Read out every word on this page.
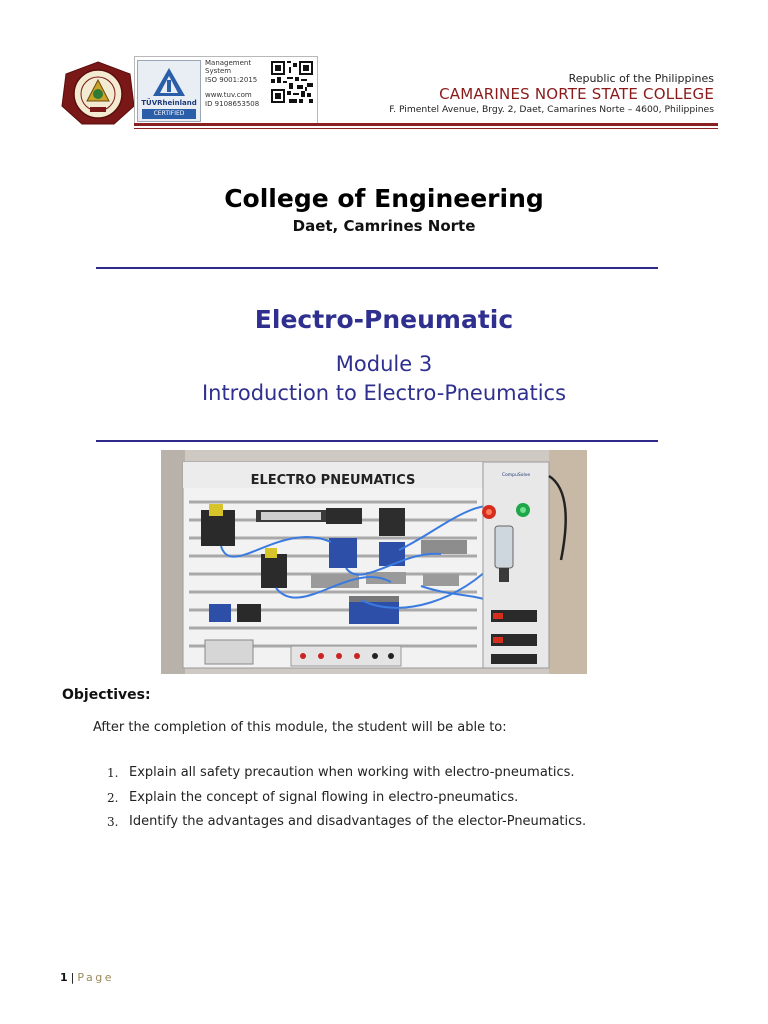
TÜVRheinland
CERTIFIED
Management
System
ISO 9001:2015
www.tuv.com
ID 9108653508
Republic of the Philippines
CAMARINES NORTE STATE COLLEGE
F. Pimentel Avenue, Brgy. 2, Daet, Camarines Norte – 4600, Philippines
College of Engineering
Daet, Camrines Norte
Electro-Pneumatic
Module 3
Introduction to Electro-Pneumatics
ELECTRO PNEUMATICS	CompuSolve
Objectives:
After the completion of this module, the student will be able to:
1. Explain all safety precaution when working with electro-pneumatics.
2. Explain the concept of signal flowing in electro-pneumatics.
3. Identify the advantages and disadvantages of the elector-Pneumatics.
1 | Page
